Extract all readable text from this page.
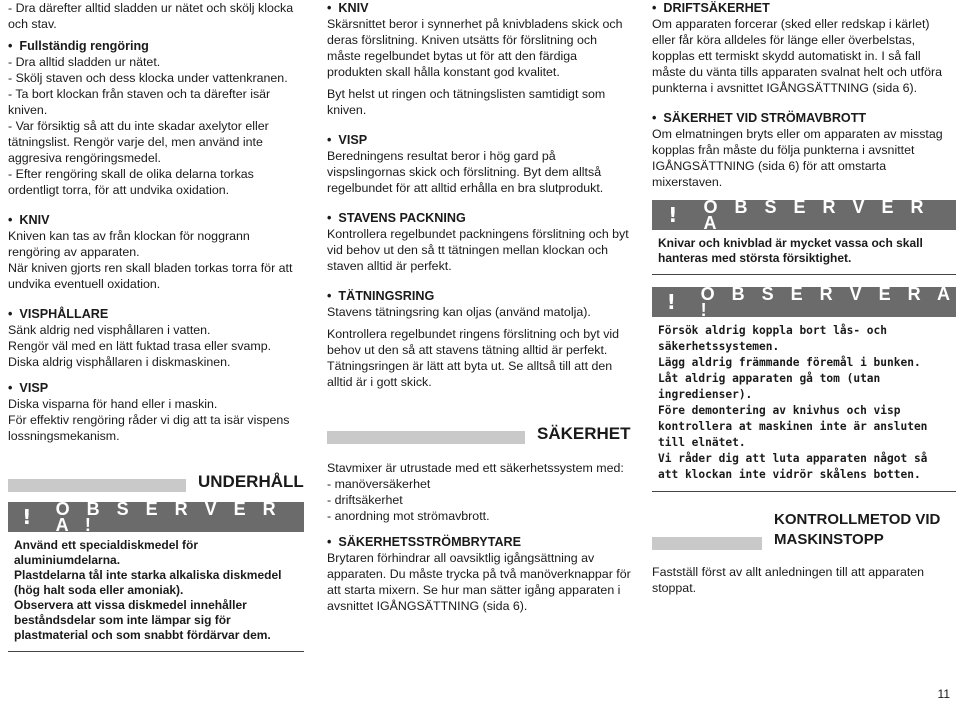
- Dra dӓrefter alltid sladden ur nӓtet och skӧlj klocka och stav.

• Fullständig rengöring

- Dra alltid sladden ur nätet.

- Skӧlj staven och dess klocka under vattenkranen.

- Ta bort klockan från staven och ta därefter isär kniven.

- Var fӧrsiktig så att du inte skadar axelytor eller tätningslist. Rengӧr varje del, men använd inte aggresiva rengöringsmedel.

- Efter rengöring skall de olika delarna torkas ordentligt torra, för att undvika oxidation.

• KNIV

Kniven kan tas av från klockan för noggrann rengöring av apparaten.

När kniven gjorts ren skall bladen torkas torra för att undvika eventuell oxidation.

• VISPHÅLLARE

Sänk aldrig ned visphållaren i vatten.

Rengör väl med en lätt fuktad trasa eller svamp.

Diska aldrig visphållaren i diskmaskinen.

• VISP

Diska visparna för hand eller i maskin.

För effektiv rengöring råder vi dig att ta isär vispens lossningsmekanism.

UNDERHÅLL
!	O B S E R V E R A !

Använd ett specialdiskmedel för aluminiumdelarna.

Plastdelarna tål inte starka alkaliska diskmedel (hög halt soda eller amoniak).

Observera att vissa diskmedel innehåller beståndsdelar som inte lämpar sig för plastmaterial och som snabbt fördärvar dem.

• KNIV

Skärsnittet beror i synnerhet på knivbladens skick och deras förslitning. Kniven utsätts för förslitning och måste regelbundet bytas ut för att den färdiga produkten skall hålla konstant god kvalitet.

Byt helst ut ringen och tätningslisten samtidigt som kniven.

• VISP

Beredningens resultat beror i hög gard på vispslingornas skick och förslitning. Byt dem alltså regelbundet för att alltid erhålla en bra slutprodukt.

• STAVENS PACKNING

Kontrollera regelbundet packningens förslitning och byt vid behov ut den så tt tätningen mellan klockan och staven alltid är perfekt.

• TÄTNINGSRING

Stavens tätningsring kan oljas (använd matolja).

Kontrollera regelbundet ringens förslitning och byt vid behov ut den så att stavens tätning alltid är perfekt.

Tätningsringen är lätt att byta ut. Se alltså till att den alltid är i gott skick.

SÄKERHET

Stavmixer är utrustade med ett säkerhetssystem med:

- manöversäkerhet

- driftsäkerhet

- anordning mot strömavbrott.

• SÄKERHETSSTRÖMBRYTARE

Brytaren förhindrar all oavsiktlig igångsättning av apparaten. Du måste trycka på två manöverknappar för att starta mixern. Se hur man sätter igång apparaten i avsnittet IGÅNGSÄTTNING (sida 6).

• DRIFTSÄKERHET

Om apparaten forcerar (sked eller redskap i kärlet) eller får köra alldeles för länge eller överbelstas, kopplas ett termiskt skydd automatiskt in. I så fall måste du vänta tills apparaten svalnat helt och utföra punkterna i avsnittet IGÅNGSÄTTNING (sida 6).

• SÄKERHET VID STRÖMAVBROTT

Om elmatningen bryts eller om apparaten av misstag kopplas från måste du följa punkterna i avsnittet IGÅNGSÄTTNING (sida 6) för att omstarta mixerstaven.

!	O B S E R V E R A
Knivar och knivblad är mycket vassa och skall hanteras med största försiktighet.
!	O B S E R V E R A !

Försök aldrig koppla bort lås- och säkerhetssystemen.

Lägg aldrig främmande föremål i bunken.

Låt aldrig apparaten gå tom (utan ingredienser).

Före demontering av knivhus och visp kontrollera at maskinen inte är ansluten till elnätet.

Vi råder dig att luta apparaten något så att klockan inte vidrör skålens botten.

KONTROLLMETOD VID MASKINSTOPP

Fastställ först av allt anledningen till att apparaten stoppat.

11
